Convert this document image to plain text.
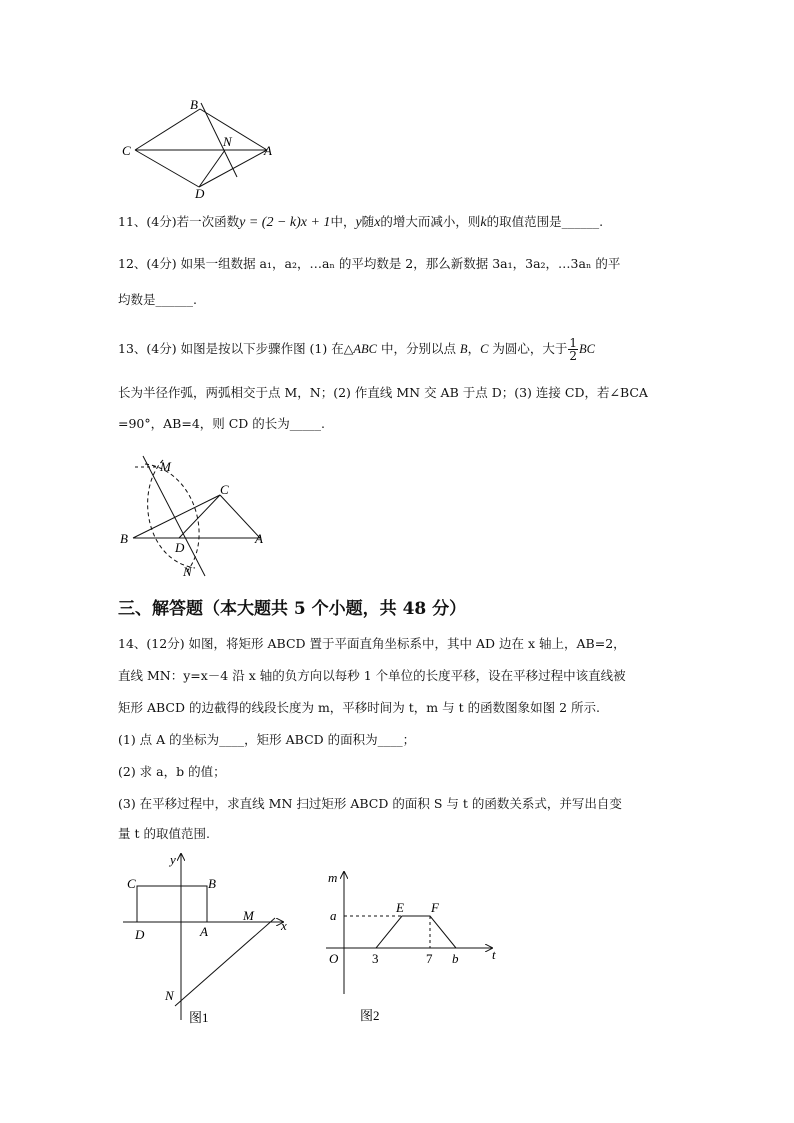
B
C
N
A
D
11、(4分)若一次函数y = (2 − k)x + 1中，y随x的增大而减小，则k的取值范围是______.
12、(4分) 如果一组数据 a₁，a₂，…aₙ 的平均数是 2，那么新数据 3a₁，3a₂，…3aₙ 的平
均数是______.
13、(4分) 如图是按以下步骤作图 (1) 在△ABC 中，分别以点 B，C 为圆心，大于 $\frac{1}{2}$ BC
长为半径作弧，两弧相交于点 M，N；(2) 作直线 MN 交 AB 于点 D；(3) 连接 CD，若∠BCA
=90°，AB=4，则 CD 的长为_____.
M
C
B
D
A
N
三、解答题（本大题共 5 个小题，共 48 分）
14、(12分) 如图，将矩形 ABCD 置于平面直角坐标系中，其中 AD 边在 x 轴上，AB=2，
直线 MN：y=x－4 沿 x 轴的负方向以每秒 1 个单位的长度平移，设在平移过程中该直线被
矩形 ABCD 的边截得的线段长度为 m，平移时间为 t，m 与 t 的函数图象如图 2 所示.
(1) 点 A 的坐标为____，矩形 ABCD 的面积为____；
(2) 求 a，b 的值；
(3) 在平移过程中，求直线 MN 扫过矩形 ABCD 的面积 S 与 t 的函数关系式，并写出自变
量 t 的取值范围.
y
x
C	B
D	A
M
N
图1
m
t
a
E F
O	3	7 b
图2
